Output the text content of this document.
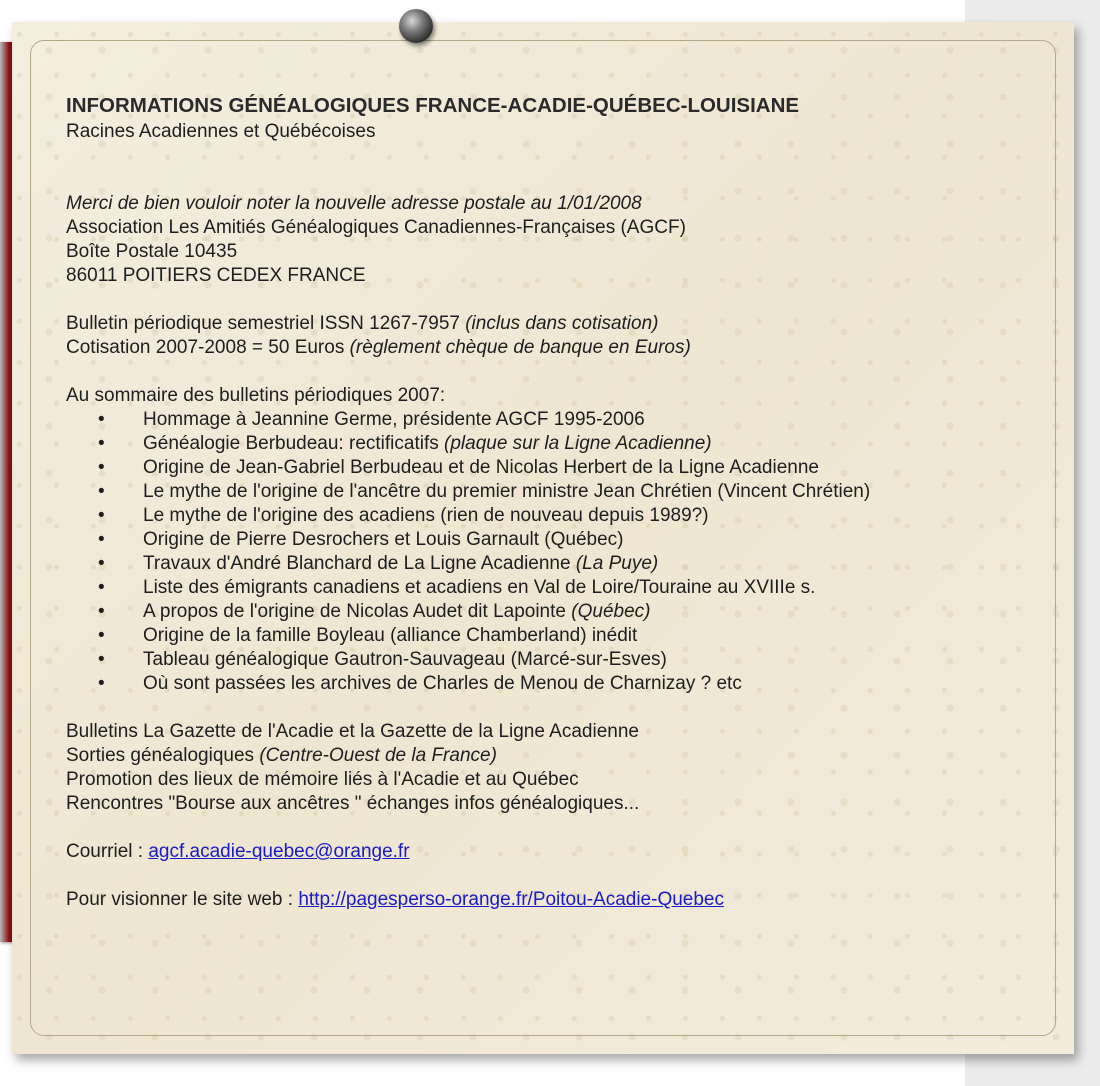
INFORMATIONS GÉNÉALOGIQUES FRANCE-ACADIE-QUÉBEC-LOUISIANE
Racines Acadiennes et Québécoises
Merci de bien vouloir noter la nouvelle adresse postale au 1/01/2008
Association Les Amitiés Généalogiques Canadiennes-Françaises (AGCF)
Boîte Postale 10435
86011 POITIERS CEDEX FRANCE
Bulletin périodique semestriel ISSN 1267-7957 (inclus dans cotisation)
Cotisation 2007-2008 = 50 Euros (règlement chèque de banque en Euros)
Au sommaire des bulletins périodiques 2007:
• Hommage à Jeannine Germe, présidente AGCF 1995-2006
• Généalogie Berbudeau: rectificatifs (plaque sur la Ligne Acadienne)
• Origine de Jean-Gabriel Berbudeau et de Nicolas Herbert de la Ligne Acadienne
• Le mythe de l'origine de l'ancêtre du premier ministre Jean Chrétien (Vincent Chrétien)
• Le mythe de l'origine des acadiens (rien de nouveau depuis 1989?)
• Origine de Pierre Desrochers et Louis Garnault (Québec)
• Travaux d'André Blanchard de La Ligne Acadienne (La Puye)
• Liste des émigrants canadiens et acadiens en Val de Loire/Touraine au XVIIIe s.
• A propos de l'origine de Nicolas Audet dit Lapointe (Québec)
• Origine de la famille Boyleau (alliance Chamberland) inédit
• Tableau généalogique Gautron-Sauvageau (Marcé-sur-Esves)
• Où sont passées les archives de Charles de Menou de Charnizay ? etc
Bulletins La Gazette de l'Acadie et la Gazette de la Ligne Acadienne
Sorties généalogiques (Centre-Ouest de la France)
Promotion des lieux de mémoire liés à l'Acadie et au Québec
Rencontres "Bourse aux ancêtres " échanges infos généalogiques...
Courriel : agcf.acadie-quebec@orange.fr
Pour visionner le site web : http://pagesperso-orange.fr/Poitou-Acadie-Quebec
